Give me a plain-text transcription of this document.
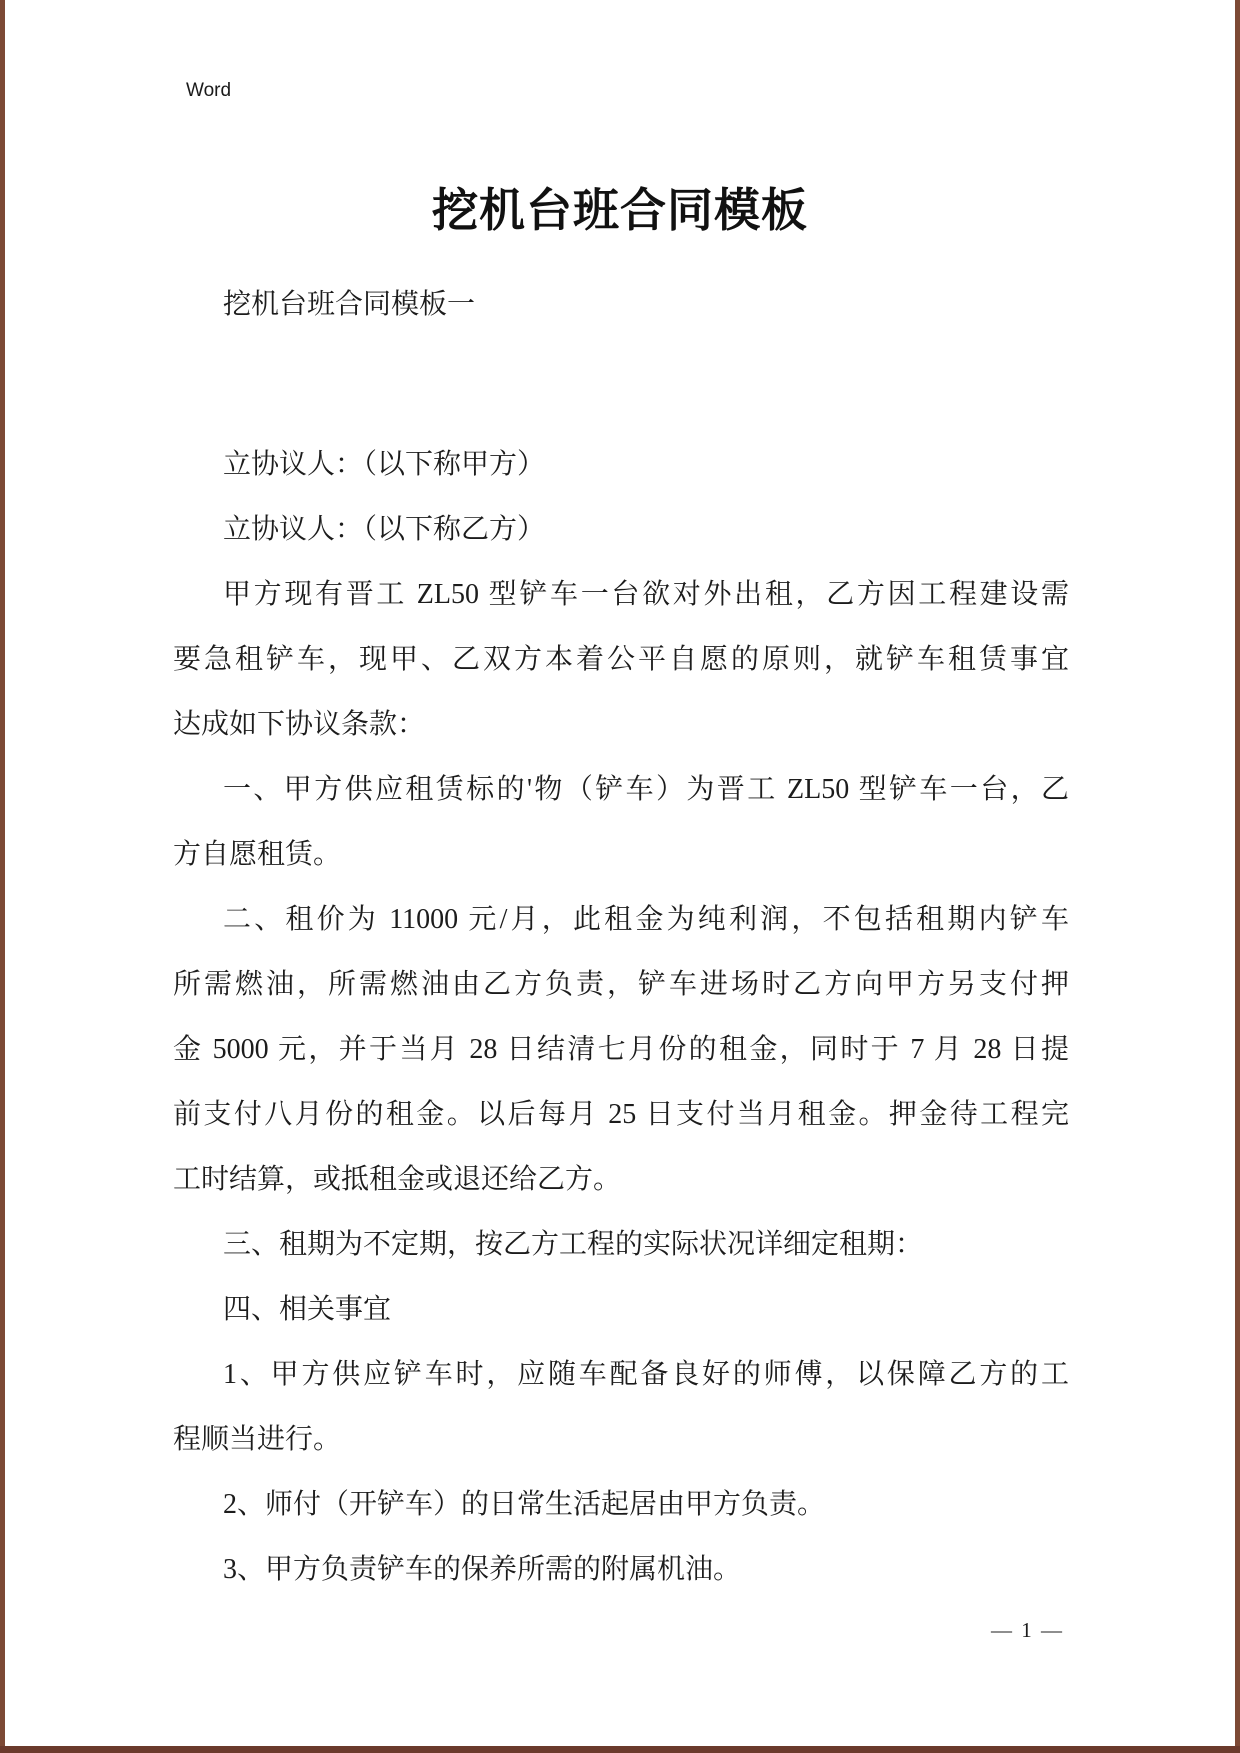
Word
挖机台班合同模板
挖机台班合同模板一
立协议人：（以下称甲方）
立协议人：（以下称乙方）
甲方现有晋工 ZL50 型铲车一台欲对外出租，乙方因工程建设需
要急租铲车，现甲、乙双方本着公平自愿的原则，就铲车租赁事宜
达成如下协议条款：
一、甲方供应租赁标的'物（铲车）为晋工 ZL50 型铲车一台，乙
方自愿租赁。
二、租价为 11000 元/月，此租金为纯利润，不包括租期内铲车
所需燃油，所需燃油由乙方负责，铲车进场时乙方向甲方另支付押
金 5000 元，并于当月 28 日结清七月份的租金，同时于 7 月 28 日提
前支付八月份的租金。以后每月 25 日支付当月租金。押金待工程完
工时结算，或抵租金或退还给乙方。
三、租期为不定期，按乙方工程的实际状况详细定租期：
四、相关事宜
1、甲方供应铲车时，应随车配备良好的师傅，以保障乙方的工
程顺当进行。
2、师付（开铲车）的日常生活起居由甲方负责。
3、甲方负责铲车的保养所需的附属机油。
— 1 —
